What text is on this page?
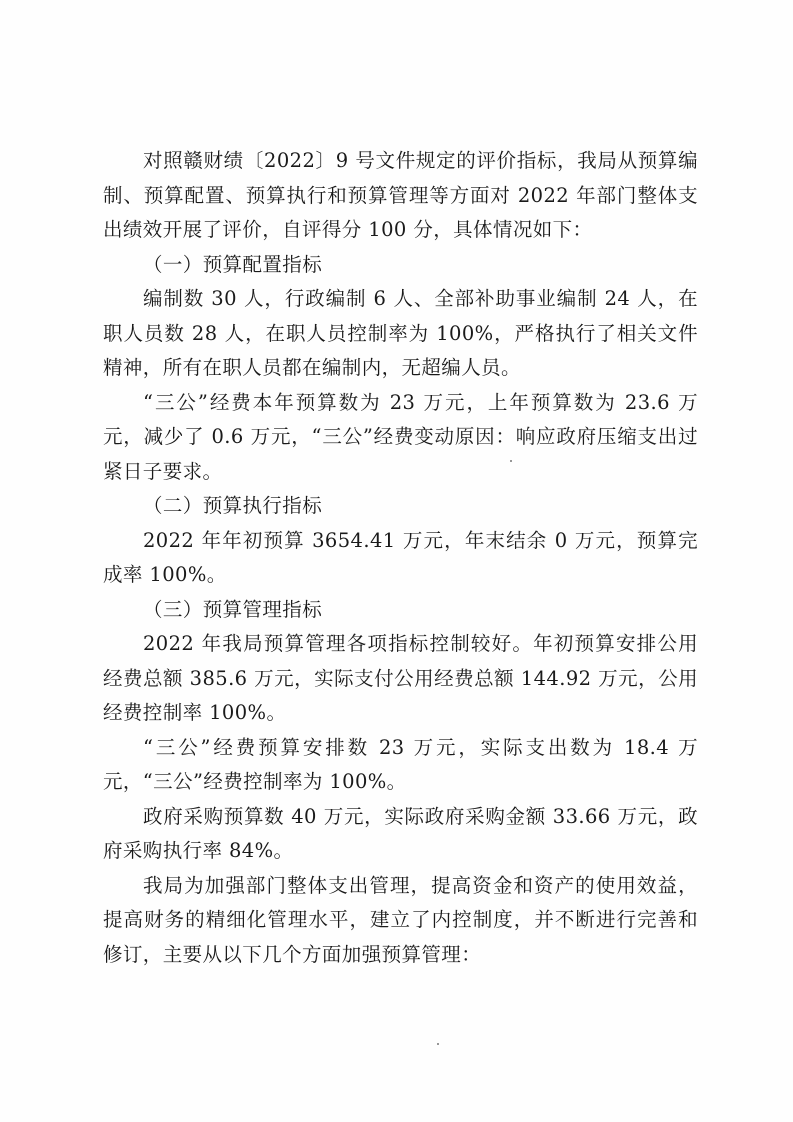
对照赣财绩〔2022〕9 号文件规定的评价指标，我局从预算编制、预算配置、预算执行和预算管理等方面对 2022 年部门整体支出绩效开展了评价，自评得分 100 分，具体情况如下：

（一）预算配置指标

编制数 30 人，行政编制 6 人、全部补助事业编制 24 人，在职人员数 28 人，在职人员控制率为 100%，严格执行了相关文件精神，所有在职人员都在编制内，无超编人员。

“三公”经费本年预算数为 23 万元，上年预算数为 23.6 万元，减少了 0.6 万元，“三公”经费变动原因：响应政府压缩支出过紧日子要求。

（二）预算执行指标

2022 年年初预算 3654.41 万元，年末结余 0 万元，预算完成率 100%。

（三）预算管理指标

2022 年我局预算管理各项指标控制较好。年初预算安排公用经费总额 385.6 万元，实际支付公用经费总额 144.92 万元，公用经费控制率 100%。

“三公”经费预算安排数 23 万元，实际支出数为 18.4 万元，“三公”经费控制率为 100%。

政府采购预算数 40 万元，实际政府采购金额 33.66 万元，政府采购执行率 84%。

我局为加强部门整体支出管理，提高资金和资产的使用效益，提高财务的精细化管理水平，建立了内控制度，并不断进行完善和修订，主要从以下几个方面加强预算管理：
